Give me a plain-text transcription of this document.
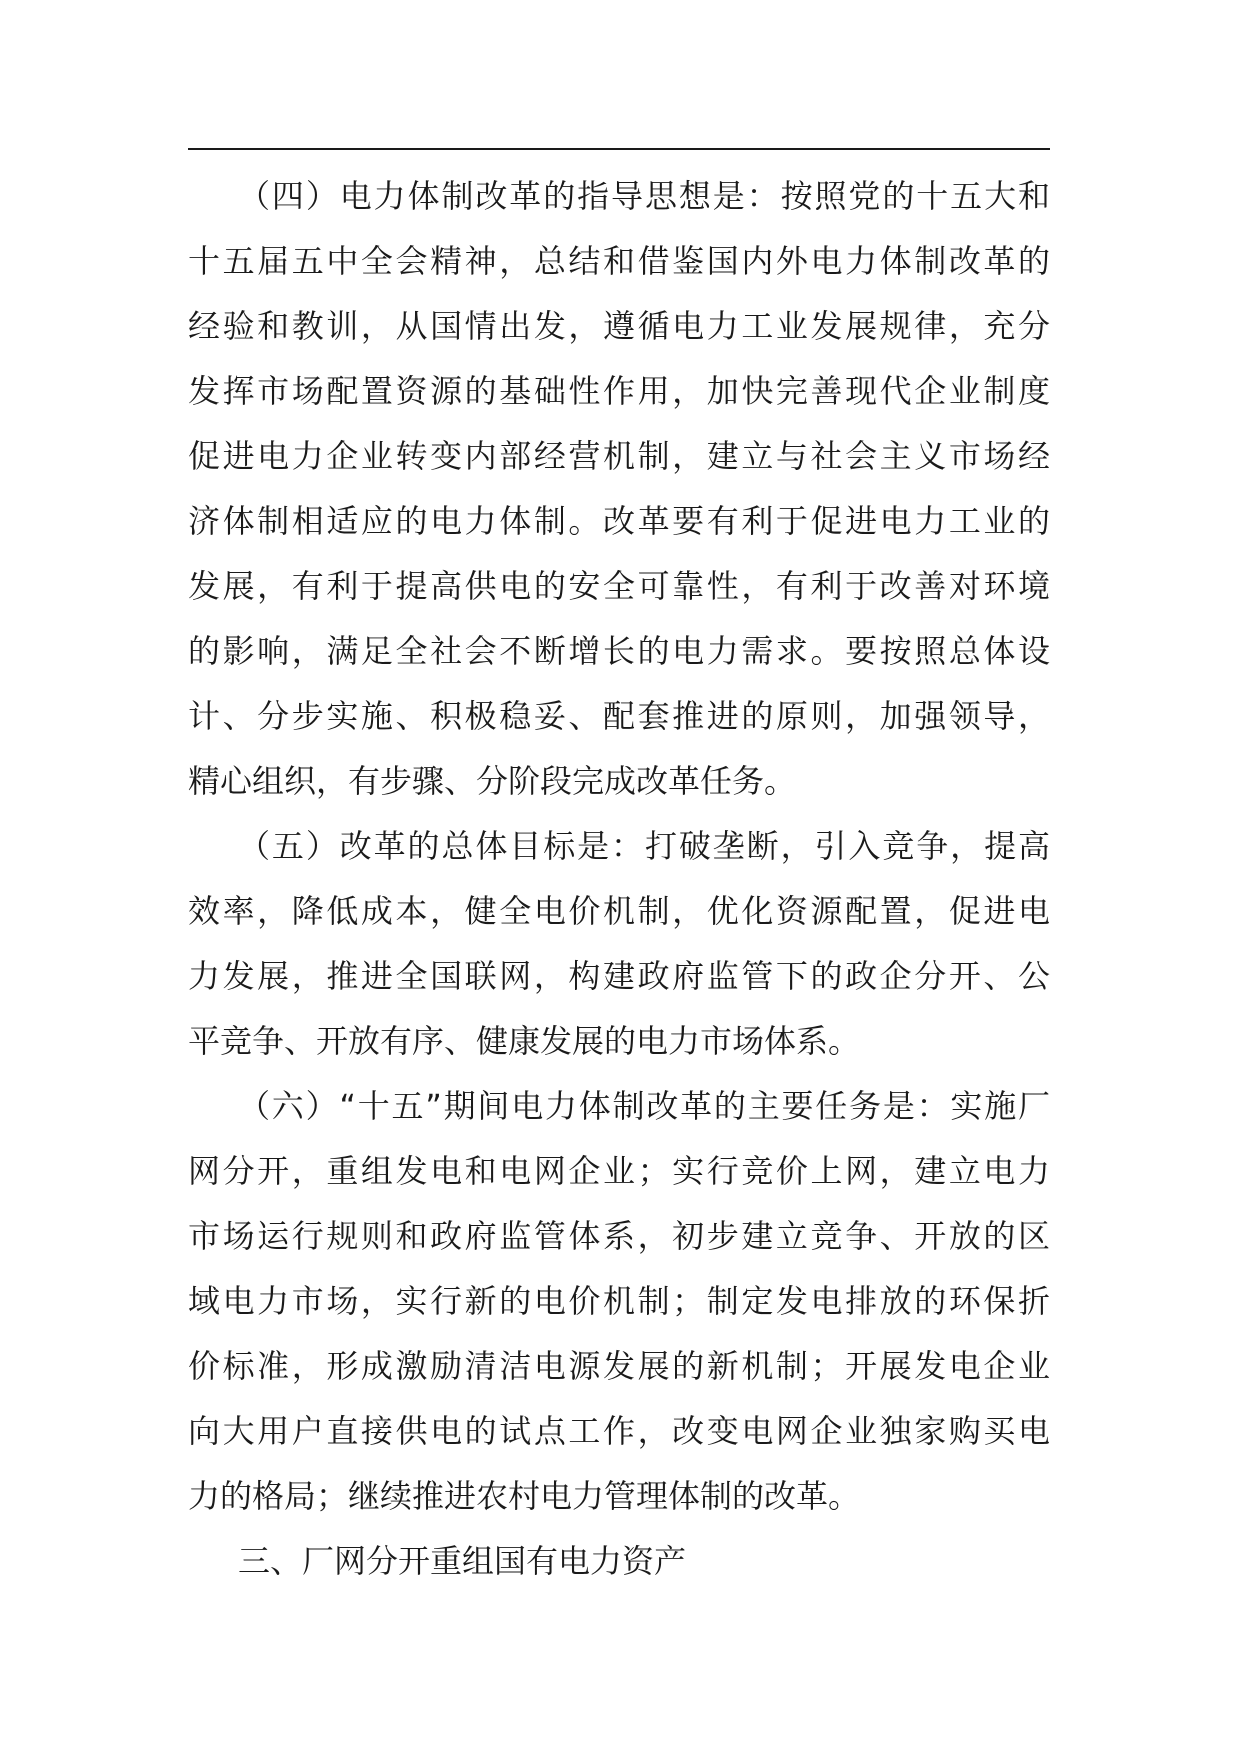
（四）电力体制改革的指导思想是：按照党的十五大和
十五届五中全会精神，总结和借鉴国内外电力体制改革的
经验和教训，从国情出发，遵循电力工业发展规律，充分
发挥市场配置资源的基础性作用，加快完善现代企业制度
促进电力企业转变内部经营机制，建立与社会主义市场经
济体制相适应的电力体制。改革要有利于促进电力工业的
发展，有利于提高供电的安全可靠性，有利于改善对环境
的影响，满足全社会不断增长的电力需求。要按照总体设
计、分步实施、积极稳妥、配套推进的原则，加强领导，
精心组织，有步骤、分阶段完成改革任务。
（五）改革的总体目标是：打破垄断，引入竞争，提高
效率，降低成本，健全电价机制，优化资源配置，促进电
力发展，推进全国联网，构建政府监管下的政企分开、公
平竞争、开放有序、健康发展的电力市场体系。
（六）“十五”期间电力体制改革的主要任务是：实施厂
网分开，重组发电和电网企业；实行竞价上网，建立电力
市场运行规则和政府监管体系，初步建立竞争、开放的区
域电力市场，实行新的电价机制；制定发电排放的环保折
价标准，形成激励清洁电源发展的新机制；开展发电企业
向大用户直接供电的试点工作，改变电网企业独家购买电
力的格局；继续推进农村电力管理体制的改革。
三、厂网分开重组国有电力资产
